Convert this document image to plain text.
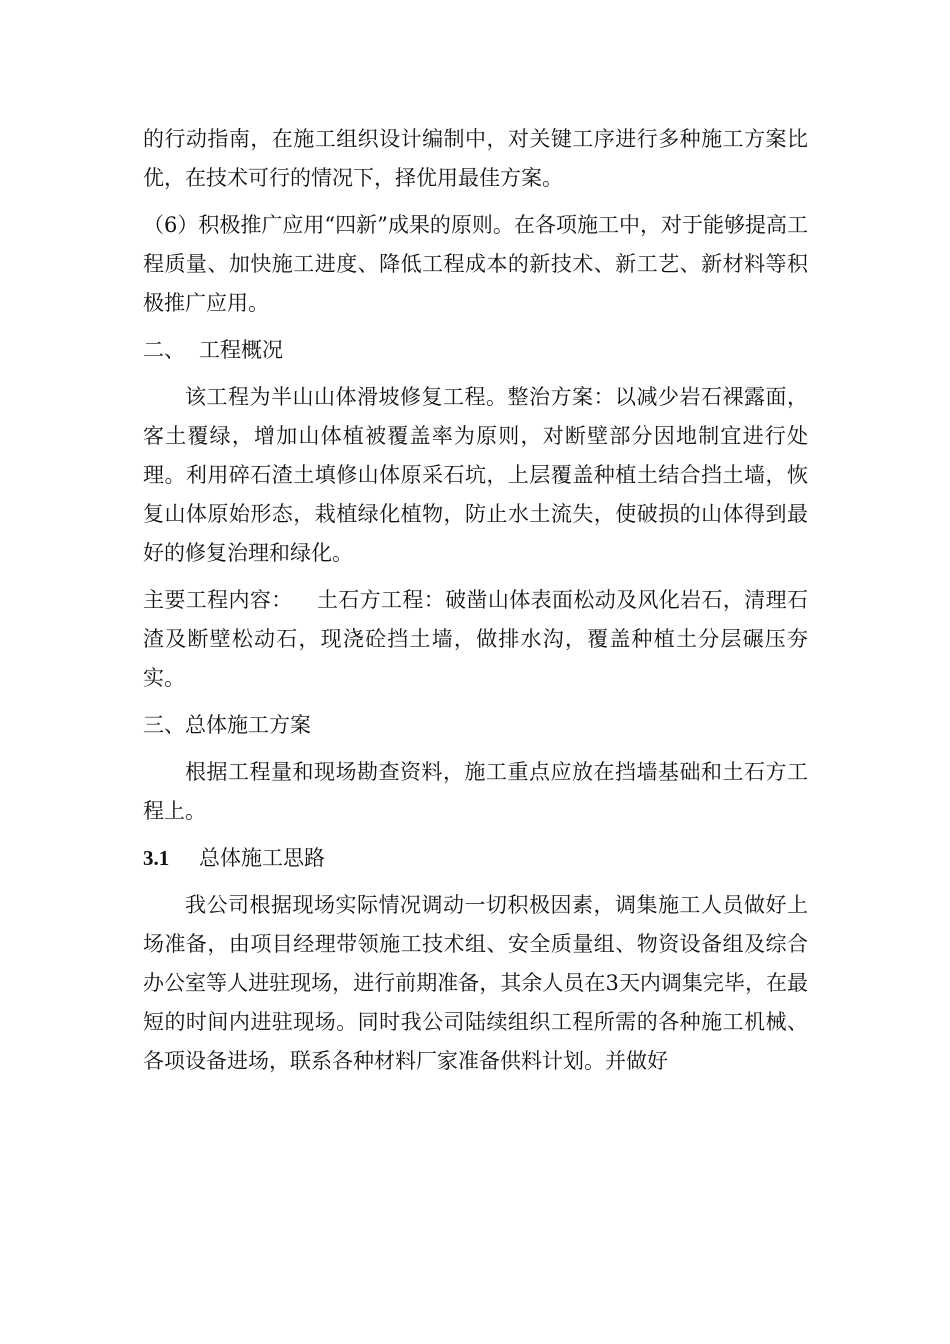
的行动指南，在施工组织设计编制中，对关键工序进行多种施工方案比优，在技术可行的情况下，择优用最佳方案。

（6）积极推广应用“四新”成果的原则。在各项施工中，对于能够提高工程质量、加快施工进度、降低工程成本的新技术、新工艺、新材料等积极推广应用。

二、 工程概况

该工程为半山山体滑坡修复工程。整治方案：以减少岩石裸露面，客土覆绿，增加山体植被覆盖率为原则，对断壁部分因地制宜进行处理。利用碎石渣土填修山体原采石坑，上层覆盖种植土结合挡土墙，恢复山体原始形态，栽植绿化植物，防止水土流失，使破损的山体得到最好的修复治理和绿化。

主要工程内容： 土石方工程：破凿山体表面松动及风化岩石，清理石渣及断壁松动石，现浇砼挡土墙，做排水沟，覆盖种植土分层碾压夯实。

三、总体施工方案

根据工程量和现场勘查资料，施工重点应放在挡墙基础和土石方工程上。

3.1 总体施工思路

我公司根据现场实际情况调动一切积极因素，调集施工人员做好上场准备，由项目经理带领施工技术组、安全质量组、物资设备组及综合办公室等人进驻现场，进行前期准备，其余人员在3天内调集完毕，在最短的时间内进驻现场。同时我公司陆续组织工程所需的各种施工机械、各项设备进场，联系各种材料厂家准备供料计划。并做好
